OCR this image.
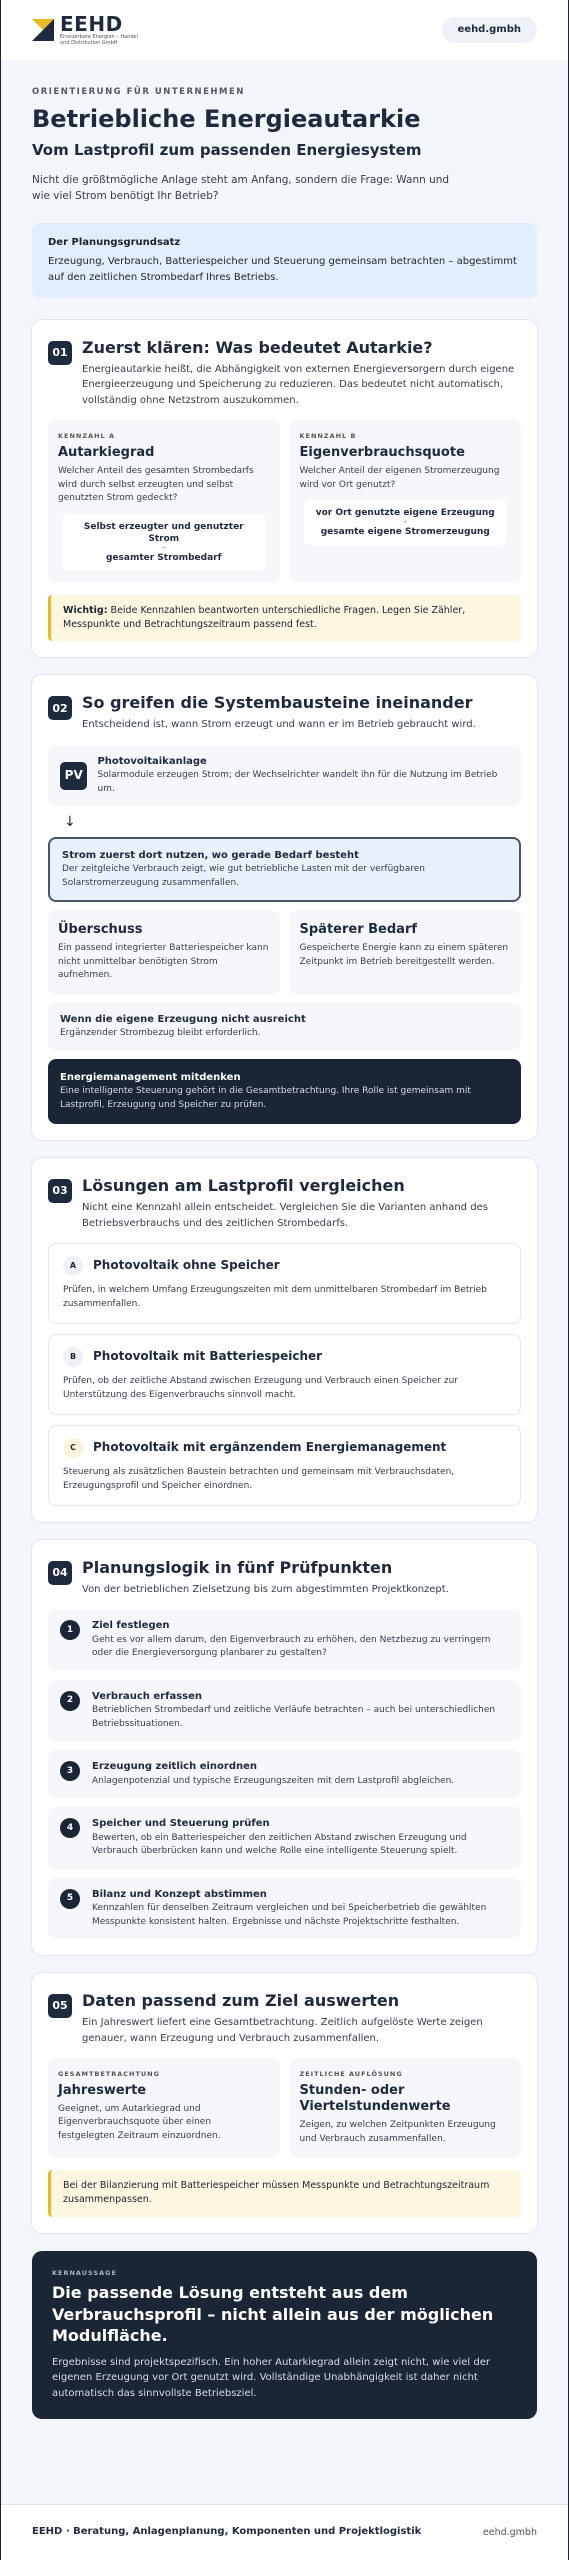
EEHD
Erneuerbare Energien – Handel und Distribution GmbH
eehd.gmbh
ORIENTIERUNG FÜR UNTERNEHMEN
Betriebliche Energieautarkie
Vom Lastprofil zum passenden Energiesystem

Nicht die größtmögliche Anlage steht am Anfang, sondern die Frage: Wann und wie viel Strom benötigt Ihr Betrieb?

Der Planungsgrundsatz

Erzeugung, Verbrauch, Batteriespeicher und Steuerung gemeinsam betrachten – abgestimmt auf den zeitlichen Strombedarf Ihres Betriebs.

01 Zuerst klären: Was bedeutet Autarkie?
Energieautarkie heißt, die Abhängigkeit von externen Energieversorgern durch eigene Energieerzeugung und Speicherung zu reduzieren. Das bedeutet nicht automatisch, vollständig ohne Netzstrom auszukommen.
KENNZAHL A
Autarkiegrad
Welcher Anteil des gesamten Strombedarfs wird durch selbst erzeugten und selbst genutzten Strom gedeckt?
Selbst erzeugter und genutzter Strom
÷
gesamter Strombedarf
KENNZAHL B
Eigenverbrauchsquote
Welcher Anteil der eigenen Stromerzeugung wird vor Ort genutzt?
vor Ort genutzte eigene Erzeugung
÷
gesamte eigene Stromerzeugung
Wichtig: Beide Kennzahlen beantworten unterschiedliche Fragen. Legen Sie Zähler, Messpunkte und Betrachtungszeitraum passend fest.
02 So greifen die Systembausteine ineinander
Entscheidend ist, wann Strom erzeugt und wann er im Betrieb gebraucht wird.
PV
Photovoltaikanlage
Solarmodule erzeugen Strom; der Wechselrichter wandelt ihn für die Nutzung im Betrieb um.
↓
Strom zuerst dort nutzen, wo gerade Bedarf besteht
Der zeitgleiche Verbrauch zeigt, wie gut betriebliche Lasten mit der verfügbaren Solarstromerzeugung zusammenfallen.
Überschuss
Ein passend integrierter Batteriespeicher kann nicht unmittelbar benötigten Strom aufnehmen.
Späterer Bedarf
Gespeicherte Energie kann zu einem späteren Zeitpunkt im Betrieb bereitgestellt werden.
Wenn die eigene Erzeugung nicht ausreicht
Ergänzender Strombezug bleibt erforderlich.
Energiemanagement mitdenken
Eine intelligente Steuerung gehört in die Gesamtbetrachtung. Ihre Rolle ist gemeinsam mit Lastprofil, Erzeugung und Speicher zu prüfen.
03 Lösungen am Lastprofil vergleichen
Nicht eine Kennzahl allein entscheidet. Vergleichen Sie die Varianten anhand des Betriebsverbrauchs und des zeitlichen Strombedarfs.
A	Photovoltaik ohne Speicher
Prüfen, in welchem Umfang Erzeugungszeiten mit dem unmittelbaren Strombedarf im Betrieb zusammenfallen.
B	Photovoltaik mit Batteriespeicher
Prüfen, ob der zeitliche Abstand zwischen Erzeugung und Verbrauch einen Speicher zur Unterstützung des Eigenverbrauchs sinnvoll macht.
C	Photovoltaik mit ergänzendem Energiemanagement
Steuerung als zusätzlichen Baustein betrachten und gemeinsam mit Verbrauchsdaten, Erzeugungsprofil und Speicher einordnen.
04 Planungslogik in fünf Prüfpunkten
Von der betrieblichen Zielsetzung bis zum abgestimmten Projektkonzept.
1	Ziel festlegen
Geht es vor allem darum, den Eigenverbrauch zu erhöhen, den Netzbezug zu verringern oder die Energieversorgung planbarer zu gestalten?
2	Verbrauch erfassen
Betrieblichen Strombedarf und zeitliche Verläufe betrachten – auch bei unterschiedlichen Betriebssituationen.
3	Erzeugung zeitlich einordnen
Anlagenpotenzial und typische Erzeugungszeiten mit dem Lastprofil abgleichen.
4	Speicher und Steuerung prüfen
Bewerten, ob ein Batteriespeicher den zeitlichen Abstand zwischen Erzeugung und Verbrauch überbrücken kann und welche Rolle eine intelligente Steuerung spielt.
5	Bilanz und Konzept abstimmen
Kennzahlen für denselben Zeitraum vergleichen und bei Speicherbetrieb die gewählten Messpunkte konsistent halten. Ergebnisse und nächste Projektschritte festhalten.
05 Daten passend zum Ziel auswerten
Ein Jahreswert liefert eine Gesamtbetrachtung. Zeitlich aufgelöste Werte zeigen genauer, wann Erzeugung und Verbrauch zusammenfallen.
GESAMTBETRACHTUNG
Jahreswerte
Geeignet, um Autarkiegrad und Eigenverbrauchsquote über einen festgelegten Zeitraum einzuordnen.
ZEITLICHE AUFLÖSUNG
Stunden- oder Viertelstundenwerte
Zeigen, zu welchen Zeitpunkten Erzeugung und Verbrauch zusammenfallen.
Bei der Bilanzierung mit Batteriespeicher müssen Messpunkte und Betrachtungszeitraum zusammenpassen.
KERNAUSSAGE
Die passende Lösung entsteht aus dem Verbrauchsprofil – nicht allein aus der möglichen Modulfläche.

Ergebnisse sind projektspezifisch. Ein hoher Autarkiegrad allein zeigt nicht, wie viel der eigenen Erzeugung vor Ort genutzt wird. Vollständige Unabhängigkeit ist daher nicht automatisch das sinnvollste Betriebsziel.

EEHD · Beratung, Anlagenplanung, Komponenten und Projektlogistik	eehd.gmbh
